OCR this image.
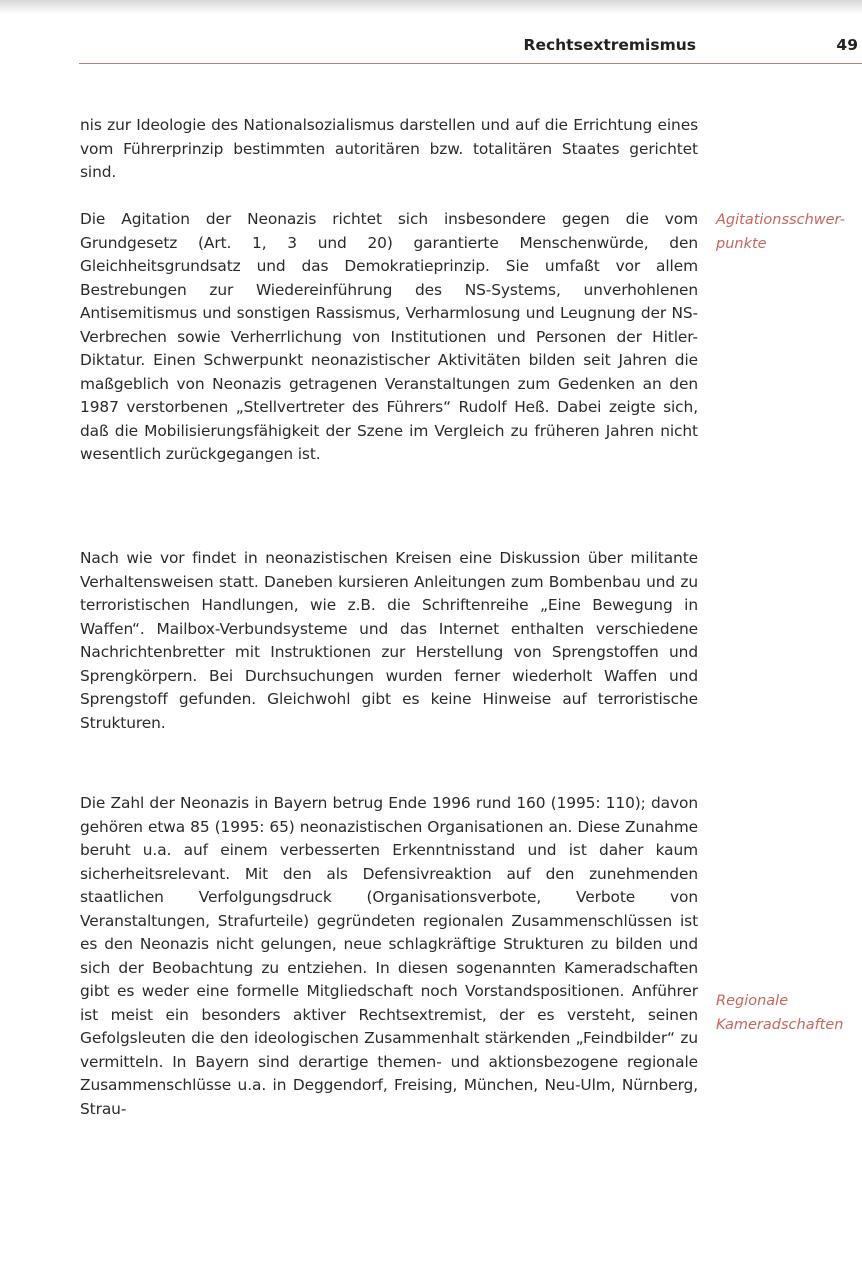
Rechtsextremismus	49

nis zur Ideologie des Nationalsozialismus darstellen und auf die Errichtung eines vom Führerprinzip bestimmten autoritären bzw. totalitären Staates gerichtet sind.

Die Agitation der Neonazis richtet sich insbesondere gegen die vom Grundgesetz (Art. 1, 3 und 20) garantierte Menschenwürde, den Gleichheitsgrundsatz und das Demokratieprinzip. Sie umfaßt vor allem Bestrebungen zur Wiedereinführung des NS-Systems, unverhohlenen Antisemitismus und sonstigen Rassismus, Verharmlosung und Leugnung der NS-Verbrechen sowie Verherrlichung von Institutionen und Personen der Hitler-Diktatur. Einen Schwerpunkt neonazistischer Aktivitäten bilden seit Jahren die maßgeblich von Neonazis getragenen Veranstaltungen zum Gedenken an den 1987 verstorbenen „Stellvertreter des Führers“ Rudolf Heß. Dabei zeigte sich, daß die Mobilisierungsfähigkeit der Szene im Vergleich zu früheren Jahren nicht wesentlich zurückgegangen ist.

Nach wie vor findet in neonazistischen Kreisen eine Diskussion über militante Verhaltensweisen statt. Daneben kursieren Anleitungen zum Bombenbau und zu terroristischen Handlungen, wie z.B. die Schriftenreihe „Eine Bewegung in Waffen“. Mailbox-Verbundsysteme und das Internet enthalten verschiedene Nachrichtenbretter mit Instruktionen zur Herstellung von Sprengstoffen und Sprengkörpern. Bei Durchsuchungen wurden ferner wiederholt Waffen und Sprengstoff gefunden. Gleichwohl gibt es keine Hinweise auf terroristische Strukturen.

Die Zahl der Neonazis in Bayern betrug Ende 1996 rund 160 (1995: 110); davon gehören etwa 85 (1995: 65) neonazistischen Organisationen an. Diese Zunahme beruht u.a. auf einem verbesserten Erkenntnisstand und ist daher kaum sicherheitsrelevant. Mit den als Defensivreaktion auf den zunehmenden staatlichen Verfolgungsdruck (Organisationsverbote, Verbote von Veranstaltungen, Strafurteile) gegründeten regionalen Zusammenschlüssen ist es den Neonazis nicht gelungen, neue schlagkräftige Strukturen zu bilden und sich der Beobachtung zu entziehen. In diesen sogenannten Kameradschaften gibt es weder eine formelle Mitgliedschaft noch Vorstandspositionen. Anführer ist meist ein besonders aktiver Rechtsextremist, der es versteht, seinen Gefolgsleuten die den ideologischen Zusammenhalt stärkenden „Feindbilder“ zu vermitteln. In Bayern sind derartige themen- und aktionsbezogene regionale Zusammenschlüsse u.a. in Deggendorf, Freising, München, Neu-Ulm, Nürnberg, Strau-

Agitationsschwer-
punkte

Regionale
Kameradschaften
